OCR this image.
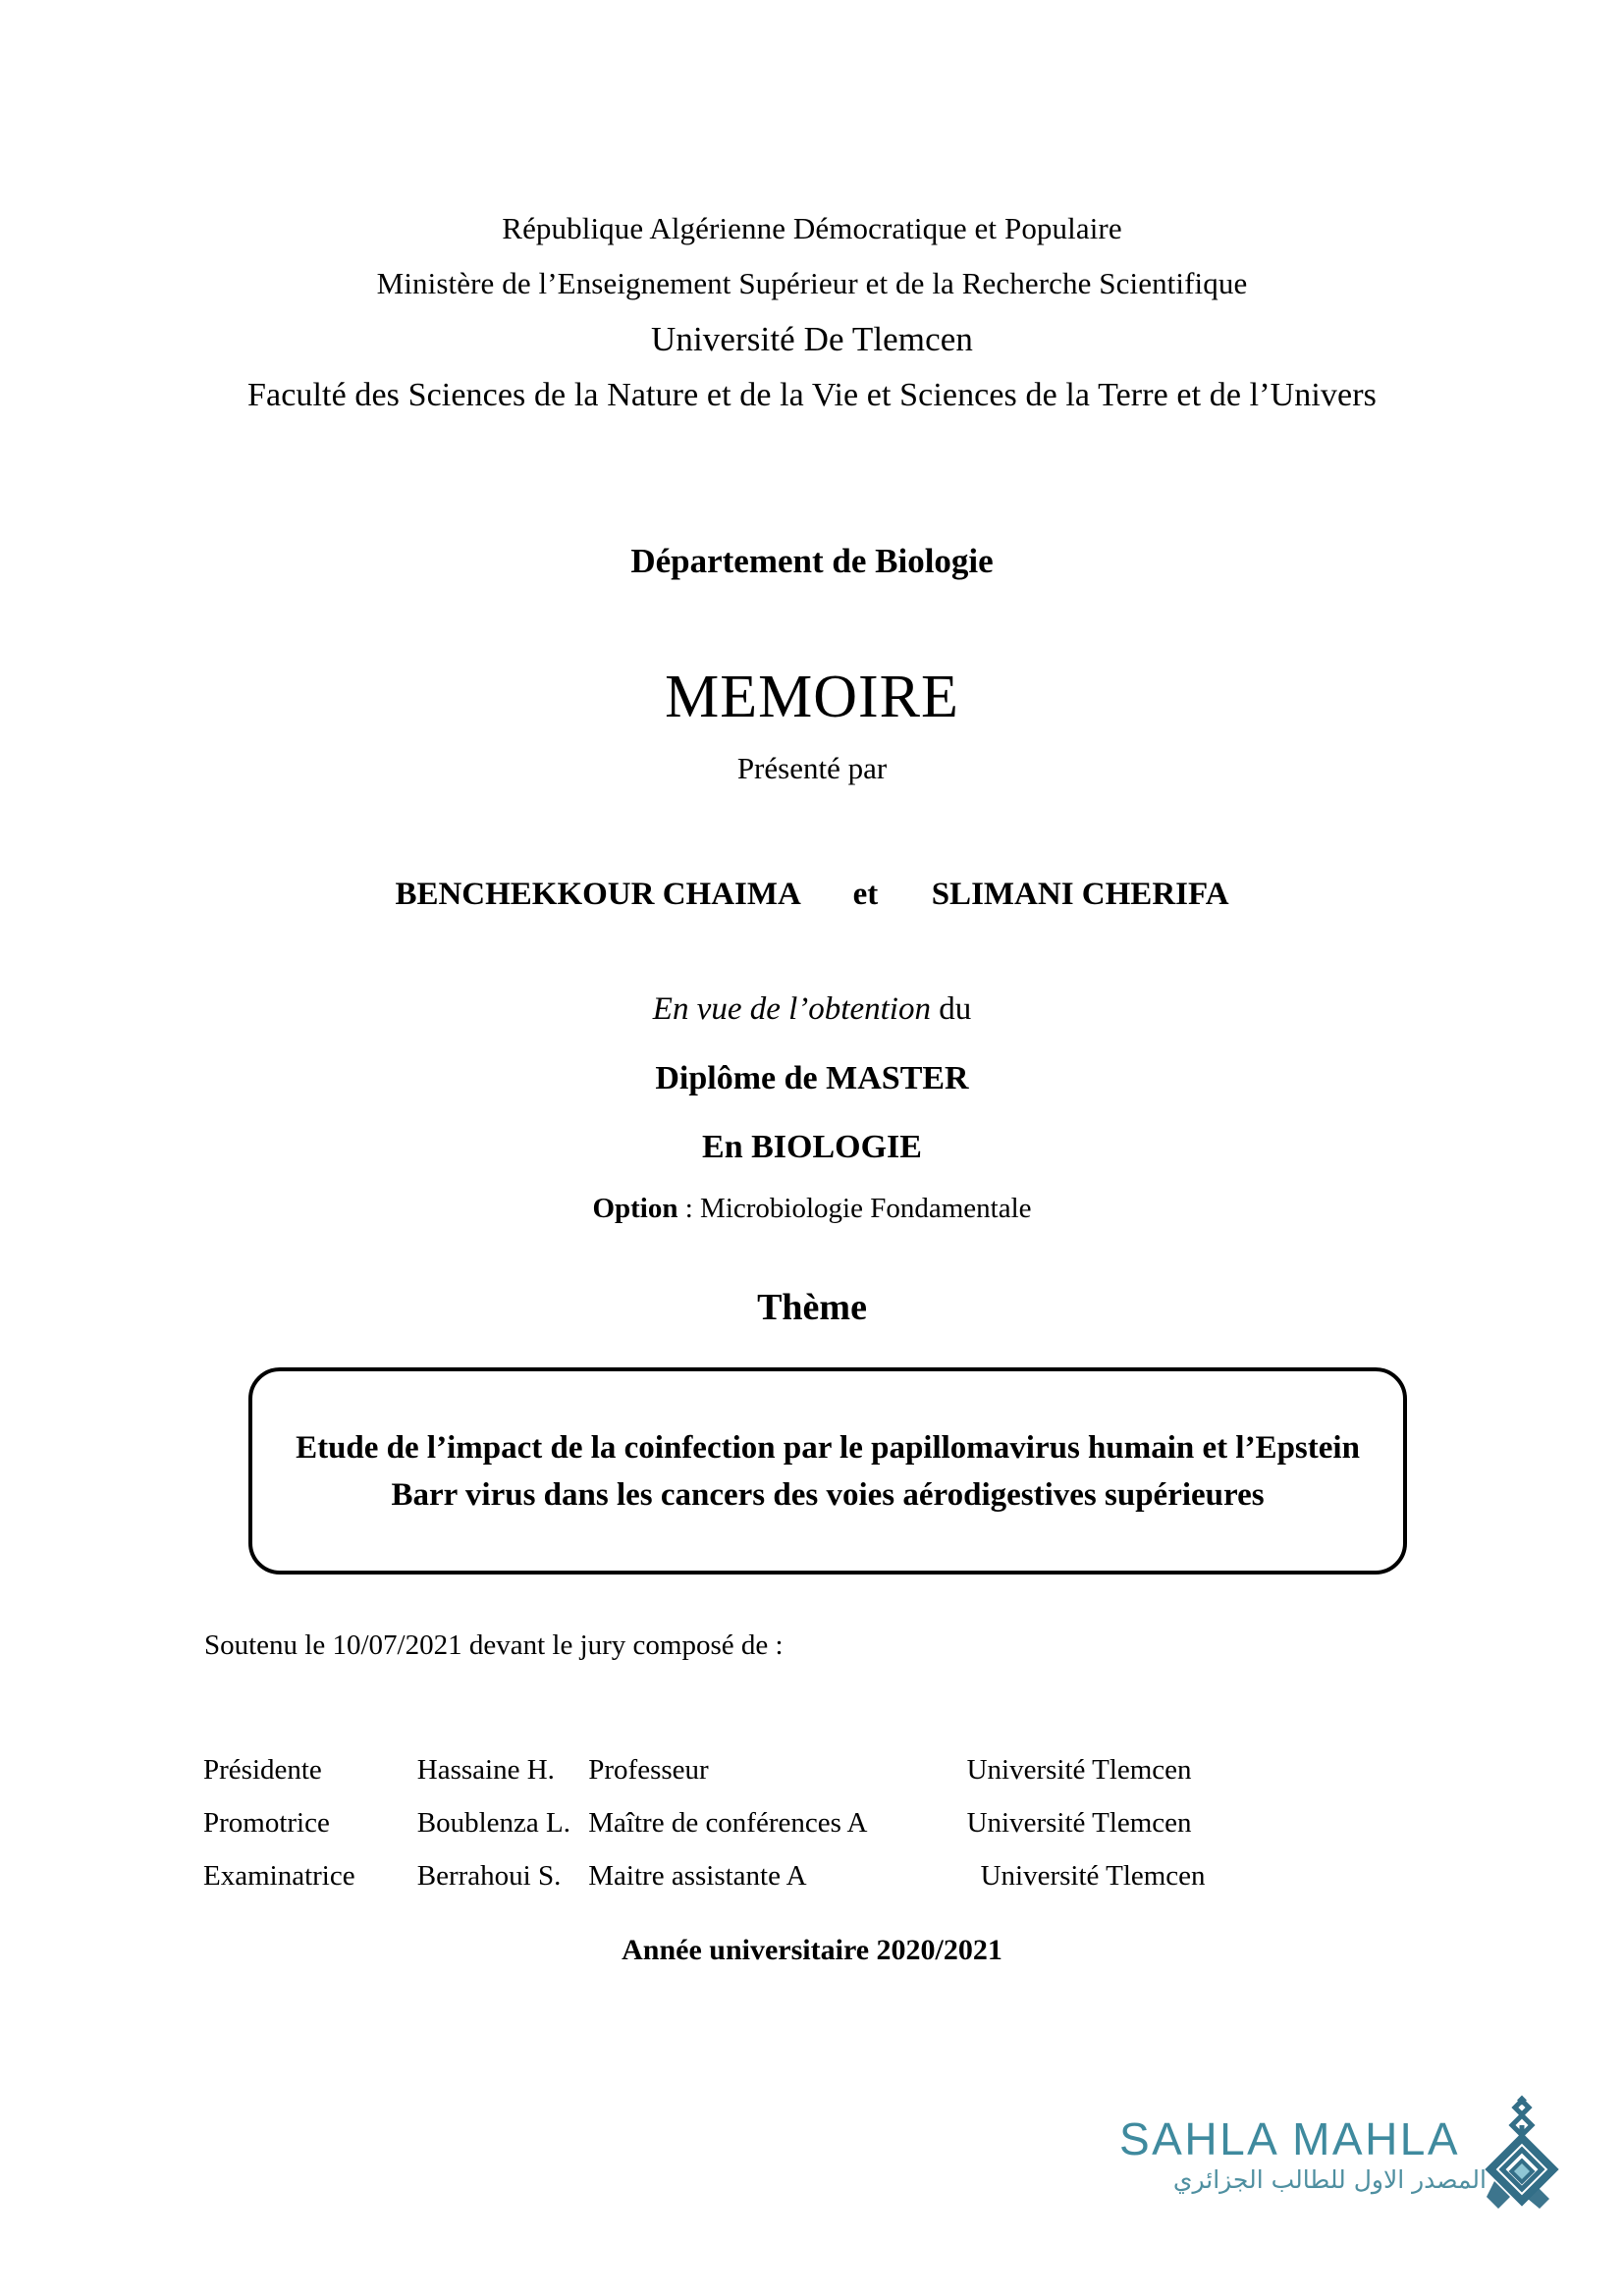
République Algérienne Démocratique et Populaire
Ministère de l’Enseignement Supérieur et de la Recherche Scientifique
Université De Tlemcen
Faculté des Sciences de la Nature et de la Vie et Sciences de la Terre et de l’Univers
Département de Biologie
MEMOIRE
Présenté par
BENCHEKKOUR CHAIMA et SLIMANI CHERIFA
En vue de l’obtention du
Diplôme de MASTER
En BIOLOGIE
Option : Microbiologie Fondamentale
Thème
Etude de l’impact de la coinfection par le papillomavirus humain et l’Epstein Barr virus dans les cancers des voies aérodigestives supérieures
Soutenu le 10/07/2021 devant le jury composé de :
Présidente	Hassaine H.	Professeur	Université Tlemcen
Promotrice	Boublenza L.	Maître de conférences A	Université Tlemcen
Examinatrice	Berrahoui S.	Maitre assistante A	Université Tlemcen
Année universitaire 2020/2021
SAHLA MAHLA
المصدر الاول للطالب الجزائري
